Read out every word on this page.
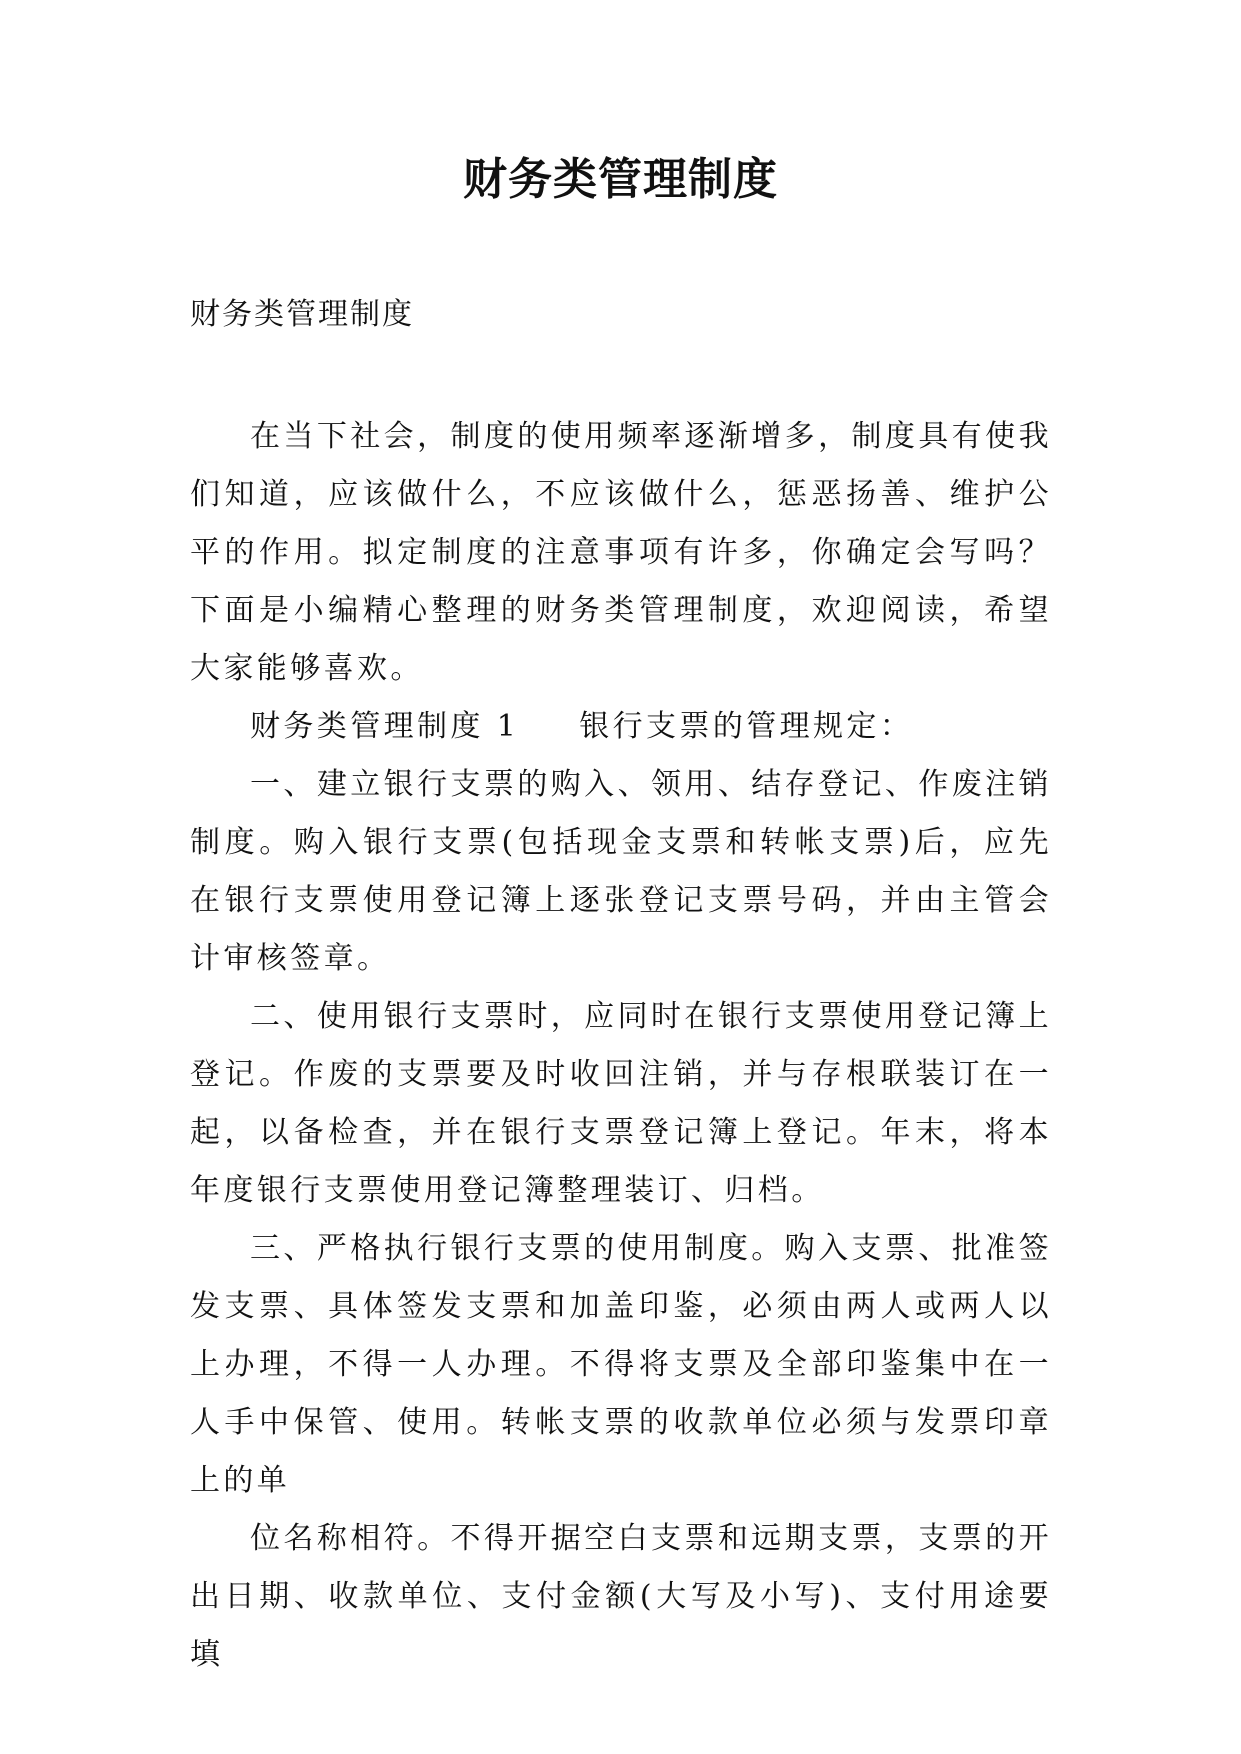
财务类管理制度

财务类管理制度

在当下社会，制度的使用频率逐渐增多，制度具有使我们知道，应该做什么，不应该做什么，惩恶扬善、维护公平的作用。拟定制度的注意事项有许多，你确定会写吗？下面是小编精心整理的财务类管理制度，欢迎阅读，希望大家能够喜欢。

财务类管理制度 1 银行支票的管理规定：

一、建立银行支票的购入、领用、结存登记、作废注销制度。购入银行支票(包括现金支票和转帐支票)后，应先在银行支票使用登记簿上逐张登记支票号码，并由主管会计审核签章。

二、使用银行支票时，应同时在银行支票使用登记簿上登记。作废的支票要及时收回注销，并与存根联装订在一起，以备检查，并在银行支票登记簿上登记。年末，将本年度银行支票使用登记簿整理装订、归档。

三、严格执行银行支票的使用制度。购入支票、批准签发支票、具体签发支票和加盖印鉴，必须由两人或两人以上办理，不得一人办理。不得将支票及全部印鉴集中在一人手中保管、使用。转帐支票的收款单位必须与发票印章上的单

位名称相符。不得开据空白支票和远期支票，支票的开出日期、收款单位、支付金额(大写及小写)、支付用途要填
